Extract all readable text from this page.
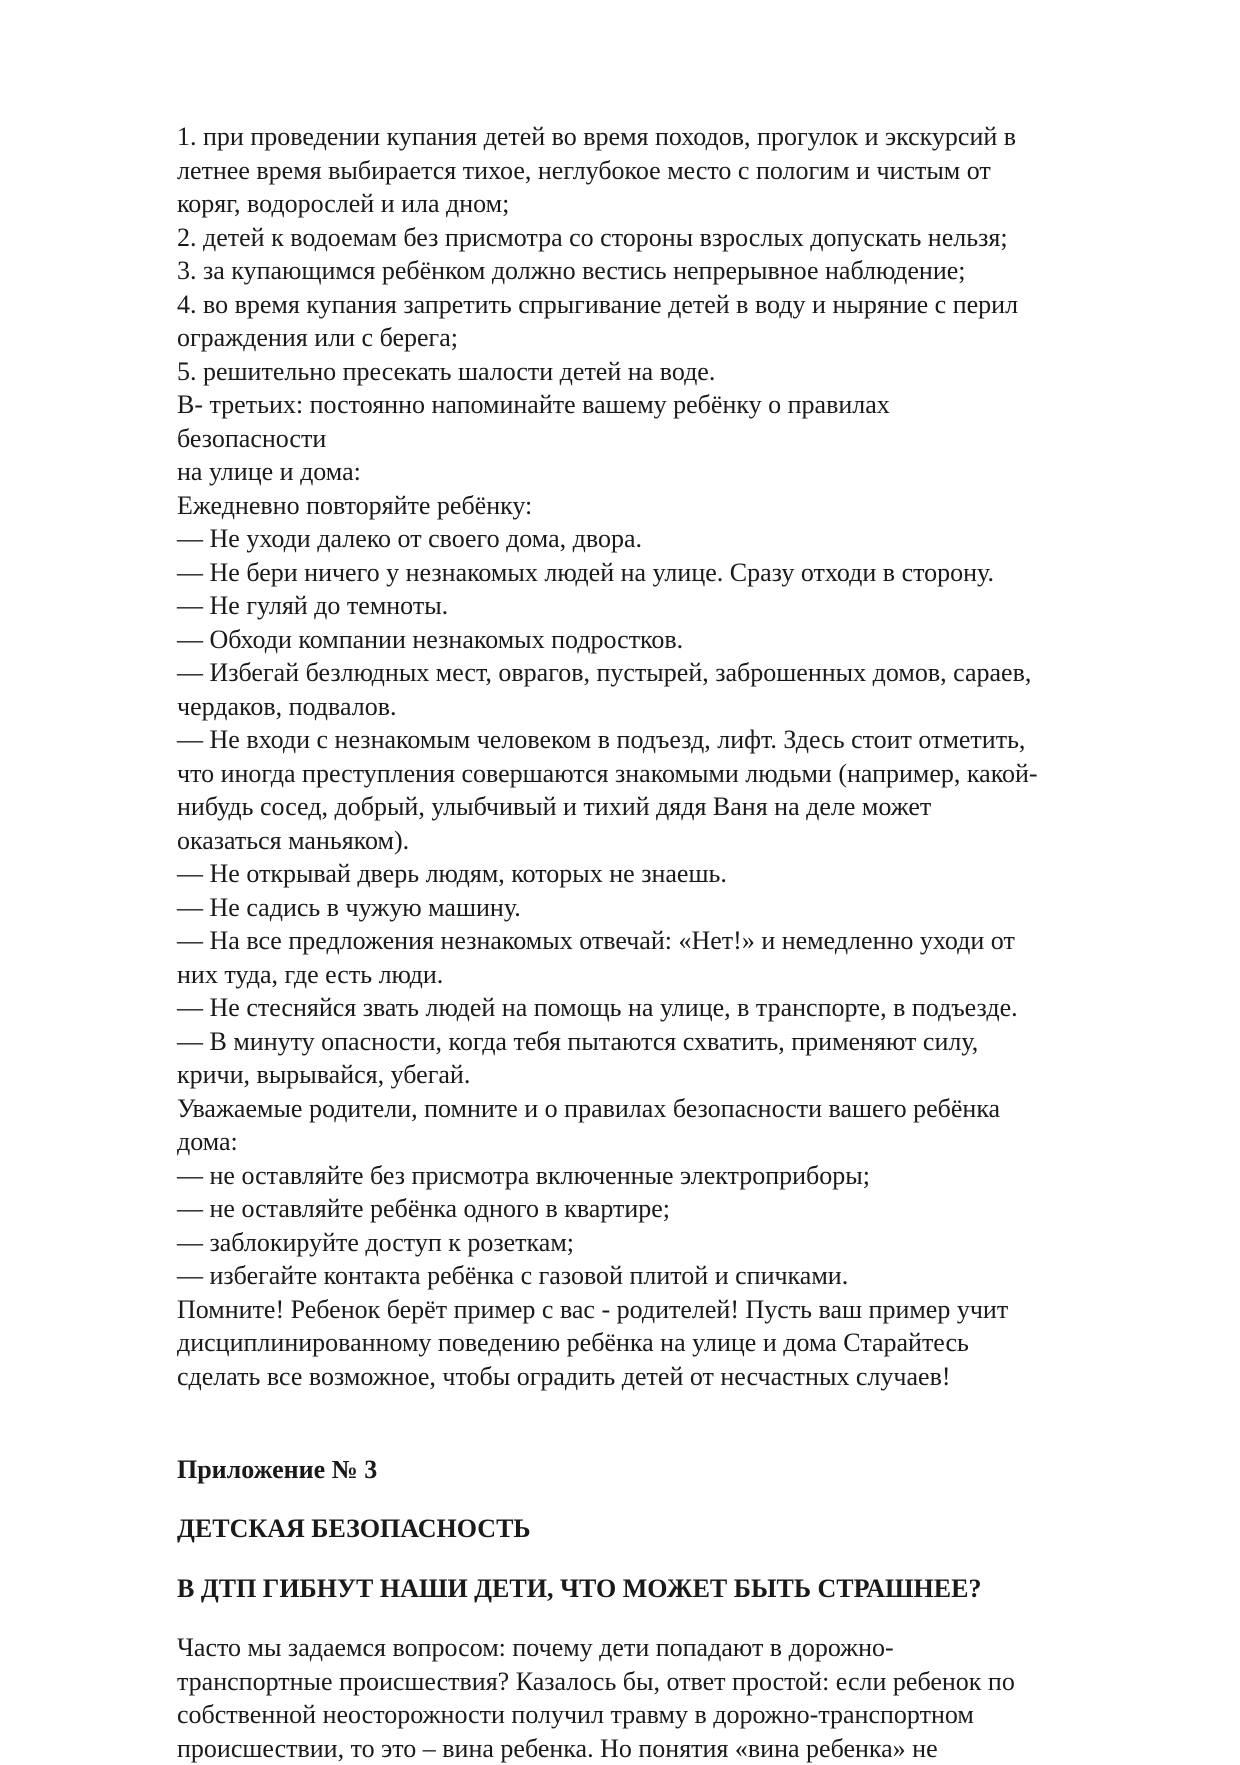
1. при проведении купания детей во время походов, прогулок и экскурсий в

летнее время выбирается тихое, неглубокое место с пологим и чистым от

коряг, водорослей и ила дном;

2. детей к водоемам без присмотра со стороны взрослых допускать нельзя;

3. за купающимся ребёнком должно вестись непрерывное наблюдение;

4. во время купания запретить спрыгивание детей в воду и ныряние с перил

ограждения или с берега;

5. решительно пресекать шалости детей на воде.

В- третьих: постоянно напоминайте вашему ребёнку о правилах

безопасности

на улице и дома:

Ежедневно повторяйте ребёнку:

— Не уходи далеко от своего дома, двора.

— Не бери ничего у незнакомых людей на улице. Сразу отходи в сторону.

— Не гуляй до темноты.

— Обходи компании незнакомых подростков.

— Избегай безлюдных мест, оврагов, пустырей, заброшенных домов, сараев,

чердаков, подвалов.

— Не входи с незнакомым человеком в подъезд, лифт. Здесь стоит отметить,

что иногда преступления совершаются знакомыми людьми (например, какой-

нибудь сосед, добрый, улыбчивый и тихий дядя Ваня на деле может

оказаться маньяком).

— Не открывай дверь людям, которых не знаешь.

— Не садись в чужую машину.

— На все предложения незнакомых отвечай: «Нет!» и немедленно уходи от

них туда, где есть люди.

— Не стесняйся звать людей на помощь на улице, в транспорте, в подъезде.

— В минуту опасности, когда тебя пытаются схватить, применяют силу,

кричи, вырывайся, убегай.

Уважаемые родители, помните и о правилах безопасности вашего ребёнка

дома:

— не оставляйте без присмотра включенные электроприборы;

— не оставляйте ребёнка одного в квартире;

— заблокируйте доступ к розеткам;

— избегайте контакта ребёнка с газовой плитой и спичками.

Помните! Ребенок берёт пример с вас - родителей! Пусть ваш пример учит

дисциплинированному поведению ребёнка на улице и дома Старайтесь

сделать все возможное, чтобы оградить детей от несчастных случаев!

Приложение № 3

ДЕТСКАЯ БЕЗОПАСНОСТЬ

В ДТП ГИБНУТ НАШИ ДЕТИ, ЧТО МОЖЕТ БЫТЬ СТРАШНЕЕ?

Часто мы задаемся вопросом: почему дети попадают в дорожно-

транспортные происшествия? Казалось бы, ответ простой: если ребенок по

собственной неосторожности получил травму в дорожно-транспортном

происшествии, то это – вина ребенка. Но понятия «вина ребенка» не
